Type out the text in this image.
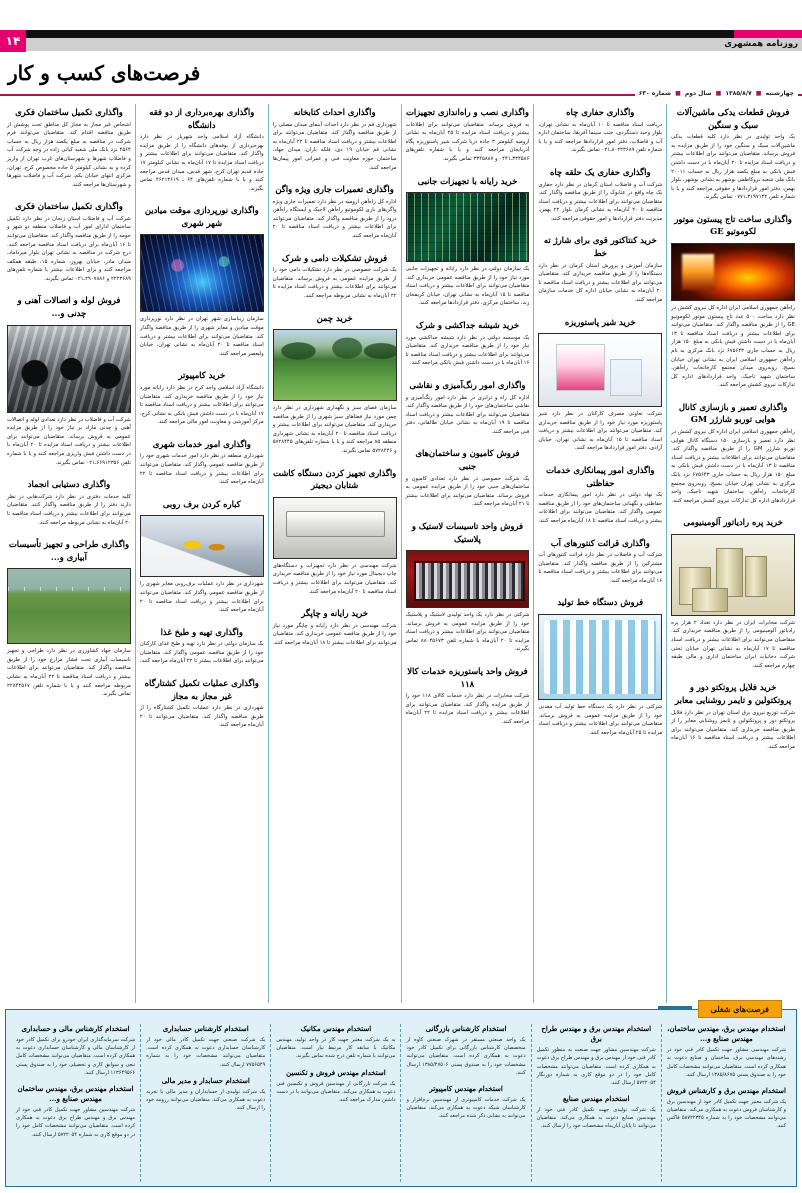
۱۴	روزنامه همشهری
فرصت‌های کسب و کار
چهارشنبه ■ ۱۳۸۵/۸/۷ ■ سال دوم ■ شماره ۶۳۰
فروش قطعات یدکی ماشین‌آلات سبک و سنگین
یک واحد تولیدی در نظر دارد کلیه قطعات یدکی ماشین‌آلات سبک و سنگین خود را از طریق مزایده به فروش برساند. متقاضیان می‌توانند برای اطلاعات بیشتر و دریافت اسناد مزایده تا ۲۰ آبان‌ماه با در دست داشتن فیش بانکی به مبلغ یکصد هزار ریال به حساب ۲۰۰۱۱ بانک ملی شعبه بروکاظمی بوشهر به نشانی بوشهر، بلوار بهمن، دفتر امور قراردادها و حقوقی مراجعه کنند و یا با شماره تلفن ۳۱۹۷۱۳۲ـ۰۷۷۱ تماس بگیرند.
واگذاری ساخت تاج پیستون موتور لکوموتیو GE
راه‌آهن جمهوری اسلامی ایران اداره کل نیروی کشش در نظر دارد ساخت ۵۰۰ عدد تاج پیستون موتور لکوموتیو GE را از طریق مناقصه واگذار کند. متقاضیان می‌توانند برای اطلاعات بیشتر و دریافت اسناد مناقصه تا ۱۳ آبان‌ماه با در دست داشتن فیش بانکی به مبلغ ۱۵۰ هزار ریال به حساب جاری ۶۷۵۶۴۳ نزد بانک مرکزی به نام راه‌آهن جمهوری اسلامی ایران به نشانی تهران خیابان بسیج، روبه‌روی میدان مجتمع کارخانجات راه‌آهن، ساختمان شهید تاجیک، واحد قراردادهای اداره کل تدارکات نیروی کشش مراجعه کنند.
واگذاری تعمیر و بازسازی کانال هوایی توربو شارژر GM
راه‌آهن جمهوری اسلامی ایران اداره کل نیروی کشش در نظر دارد تعمیر و بازسازی ۱۵۰ دستگاه کانال هوایی توربو شارژر GM را از طریق مناقصه واگذار کند. متقاضیان می‌توانند برای اطلاعات بیشتر و دریافت اسناد مناقصه تا ۱۳ آبان‌ماه با در دست داشتن فیش بانکی به مبلغ ۱۵۰ هزار ریال به حساب جاری ۶۷۵۶۴۳ نزد بانک مرکزی به نشانی تهران خیابان بسیج، روبه‌روی مجتمع کارخانجات راه‌آهن، ساختمان شهید تاجیک، واحد قراردادهای اداره کل تدارکات نیروی کشش مراجعه کنند.
خرید پره رادیاتور آلومینیومی
شرکت مخابرات ایران در نظر دارد تعداد ۲ هزار پره رادیاتور آلومینیومی را از طریق مناقصه خریداری کند. متقاضیان می‌توانند برای اطلاعات بیشتر و دریافت اسناد مناقصه تا ۱۷ آبان‌ماه به نشانی تهران خیابان تختی شرکت دخانیات ایران ساختمان اداری و مالی طبقه چهارم مراجعه کنند.
خرید فلایل پروتکتو دور و پروتکتولین و تایمر روشنایی معابر
شرکت توزیع نیروی برق استان تهران در نظر دارد فلایل پروتکتو دور و پروتکتولین و تایمر روشنایی معابر را از طریق مناقصه خریداری کند. متقاضیان می‌توانند برای اطلاعات بیشتر و دریافت اسناد مناقصه تا ۱۶ آبان‌ماه مراجعه کنند.
واگذاری حفاری چاه
دریافت اسناد مناقصه تا ۱۰ آبان‌ماه به نشانی تهران، بلوار وحید دستگردی، جنب سینما آفریقا، ساختمان اداره آب و فاضلاب، دفتر امور قراردادها مراجعه کنند و یا با شماره تلفن ۸۰۲۲۳۶۸۹ـ۰۲۱ تماس بگیرند.
واگذاری حفاری یک حلقه چاه
شرکت آب و فاضلاب استان کرمان در نظر دارد حفاری یک چاه واقع در عنابوک را از طریق مناقصه واگذار کند. متقاضیان می‌توانند برای اطلاعات بیشتر و دریافت اسناد مناقصه تا ۲۰ آبان‌ماه به نشانی کرمان بلوار ۲۲ بهمن، مدیریت دفتر قراردادها و امور حقوقی مراجعه کنند.
خرید کنتاکتور قوی برای شارژ ته خط
سازمان آموزش و پرورش استان کرمان در نظر دارد دستگاه‌ها را از طریق مناقصه خریداری کند. متقاضیان می‌توانند برای اطلاعات بیشتر و دریافت اسناد مناقصه تا ۲۰ آبان‌ماه به نشانی خیابان اداره کل خدمات سازمان مراجعه کنند.
خرید شیر پاستوریزه
شرکت تعاونی مصرف کارکنان در نظر دارد شیر پاستوریزه مورد نیاز خود را از طریق مناقصه خریداری کند. متقاضیان می‌توانند برای اطلاعات بیشتر و دریافت اسناد مناقصه تا ۱۵ آبان‌ماه به نشانی تهران، خیابان آزادی، دفتر امور قراردادها مراجعه کنند.
واگذاری امور پیمانکاری خدمات حفاظتی
یک نهاد دولتی در نظر دارد امور پیمانکاری خدمات حفاظتی و نگهبانی ساختمان‌های خود را از طریق مناقصه عمومی واگذار کند. متقاضیان می‌توانند برای اطلاعات بیشتر و دریافت اسناد مناقصه تا ۱۸ آبان‌ماه مراجعه کنند.
واگذاری قرائت کنتورهای آب
شرکت آب و فاضلاب در نظر دارد قرائت کنتورهای آب مشترکین را از طریق مناقصه واگذار کند. متقاضیان می‌توانند برای اطلاعات بیشتر و دریافت اسناد مناقصه تا ۱۶ آبان‌ماه مراجعه کنند.
فروش دستگاه خط تولید
شرکتی در نظر دارد یک دستگاه خط تولید آب معدنی خود را از طریق مزایده عمومی به فروش برساند. متقاضیان می‌توانند برای اطلاعات بیشتر و دریافت اسناد مزایده تا ۲۵ آبان‌ماه مراجعه کنند.
واگذاری نصب و راه‌اندازی تجهیزات
به فروش برساند. متقاضیان می‌توانند برای اطلاعات بیشتر و دریافت اسناد مزایده تا ۲۵ آبان‌ماه به نشانی ارومیه کیلومتر ۳ جاده دریا شرکت شیر پاستوریزه پگاه آذربایجان مراجعه کنند و یا با شماره تلفن‌های ۳۳۴۵۸۶ـ۰۴۴۱ و ۳۳۴۵۸۸۷ تماس بگیرند.
خرید رایانه با تجهیزات جانبی
یک سازمان دولتی در نظر دارد رایانه و تجهیزات جانبی مورد نیاز خود را از طریق مناقصه عمومی خریداری کند. متقاضیان می‌توانند برای اطلاعات بیشتر و دریافت اسناد مناقصه تا ۱۵ آبان‌ماه به نشانی تهران، خیابان کریمخان زند، ساختمان مرکزی، دفتر قراردادها مراجعه کنند.
خرید شیشه جداکشی و شرک
یک موسسه دولتی در نظر دارد شیشه جداکشی مورد نیاز خود را از طریق مناقصه خریداری کند. متقاضیان می‌توانند برای اطلاعات بیشتر و دریافت اسناد مناقصه تا ۱۶ آبان‌ماه با در دست داشتن فیش بانکی مراجعه کنند.
واگذاری امور رنگ‌آمیزی و نقاشی
اداره کل راه و ترابری در نظر دارد امور رنگ‌آمیزی و نقاشی ساختمان‌های خود را از طریق مناقصه واگذار کند. متقاضیان می‌توانند برای اطلاعات بیشتر و دریافت اسناد مناقصه تا ۱۹ آبان‌ماه به نشانی خیابان طالقانی، دفتر فنی مراجعه کنند.
فروش کامیون و ساختمان‌های جنبی
یک شرکت خصوصی در نظر دارد تعدادی کامیون و ساختمان‌های جنبی خود را از طریق مزایده عمومی به فروش برساند. متقاضیان می‌توانند برای اطلاعات بیشتر تا ۲۱ آبان‌ماه مراجعه کنند.
فروش واحد تاسیسات لاستیک و پلاستیک
شرکتی در نظر دارد یک واحد تولیدی لاستیک و پلاستیک خود را از طریق مزایده عمومی به فروش برساند. متقاضیان می‌توانند برای اطلاعات بیشتر و دریافت اسناد مزایده تا ۲۰ آبان‌ماه با شماره تلفن ۸۸۰۴۵۶۷۳ تماس بگیرند.
فروش واحد پاستوریزه خدمات کالا ۱۱۸
شرکت مخابرات در نظر دارد خدمات کالای ۱۱۸ خود را از طریق مزایده واگذار کند. متقاضیان می‌توانند برای اطلاعات بیشتر و دریافت اسناد مزایده تا ۲۲ آبان‌ماه مراجعه کنند.
واگذاری احداث کتابخانه
شهرداری قم در نظر دارد احداث آبنمای میدان مصلی را از طریق مناقصه واگذار کند. متقاضیان می‌توانند برای اطلاعات بیشتر و دریافت اسناد مناقصه تا ۲۲ آبان‌ماه به نشانی قم خیابان ۱۹ دی، فلکه باران، میدان جهاد، ساختمان حوزه معاونت فنی و عمرانی امور پیمان‌ها مراجعه کنند.
واگذاری تعمیرات جاری ویژه واگن
اداره کل راه‌آهن ارومیه در نظر دارد تعمیرات جاری ویژه واگن‌های باری لکوموتیو راه‌آهن لاجیک و ایستگاه راه‌آهن درود را از طریق مناقصه واگذار کند. متقاضیان می‌توانند برای اطلاعات بیشتر و دریافت اسناد مناقصه تا ۲۰ آبان‌ماه مراجعه کنند.
فروش تشکیلات دامی و شرک
یک شرکت خصوصی در نظر دارد تشکیلات دامی خود را از طریق مزایده عمومی به فروش برساند. متقاضیان می‌توانند برای اطلاعات بیشتر و دریافت اسناد مزایده تا ۲۲ آبان‌ماه به نشانی مربوطه مراجعه کنند.
خرید چمن
سازمان فضای سبز و نگهداری شهرداری در نظر دارد چمن مورد نیاز فضاهای سبز شهری را از طریق مناقصه خریداری کند. متقاضیان می‌توانند برای اطلاعات بیشتر و دریافت اسناد مناقصه تا ۲۰ آبان‌ماه به نشانی شهرداری منطقه ۸۵ مراجعه کنند و یا با شماره تلفن‌های ۵۷۲۸۴۴۵ و ۵۷۲۸۴۴۶ تماس بگیرند.
واگذاری تجهیز کردن دستگاه کاشت شتابان دیجیتر
شرکت مهندسی در نظر دارد تجهیزات و دستگاه‌های چاپ دیجیتال مورد نیاز خود را از طریق مناقصه خریداری کند. متقاضیان می‌توانند برای اطلاعات بیشتر و دریافت اسناد مناقصه تا ۲۰ آبان‌ماه مراجعه کنند.
خرید رایانه و چاپگر
شرکت مهندسی در نظر دارد رایانه و چاپگر مورد نیاز خود را از طریق مناقصه عمومی خریداری کند. متقاضیان می‌توانند برای اطلاعات بیشتر تا ۱۸ آبان‌ماه مراجعه کنند.
واگذاری بهره‌برداری از دو فقه دانشگاه
دانشگاه آزاد اسلامی واحد شهریار در نظر دارد بهره‌برداری از بوفه‌های دانشگاه را از طریق مزایده واگذار کند. متقاضیان می‌توانند برای اطلاعات بیشتر و دریافت اسناد مزایده تا ۱۷ آبان‌ماه به نشانی کیلومتر ۱۷ جاده قدیم تهران کرج، شهر قدس، میدان قدس مراجعه کنند و یا با شماره تلفن‌های ۶۴ ـ ۴۶۲۱۳۶۱۹ تماس بگیرند.
واگذاری نورپردازی موقت میادین شهر شهری
سازمان زیباسازی شهر تهران در نظر دارد نورپردازی موقت میادین و معابر شهری را از طریق مناقصه واگذار کند. متقاضیان می‌توانند برای اطلاعات بیشتر و دریافت اسناد مناقصه تا ۲۰ آبان‌ماه به نشانی تهران، خیابان ولیعصر مراجعه کنند.
خرید کامپیوتر
دانشگاه آزاد اسلامی واحد کرج در نظر دارد رایانه مورد نیاز خود را از طریق مناقصه خریداری کند. متقاضیان می‌توانند برای اطلاعات بیشتر و دریافت اسناد مناقصه تا ۱۷ آبان‌ماه با در دست داشتن فیش بانکی به نشانی کرج، مرکز آموزشی و معاونت امور مالی مراجعه کنند.
واگذاری امور خدمات شهری
شهرداری منطقه در نظر دارد امور خدمات شهری خود را از طریق مناقصه عمومی واگذار کند. متقاضیان می‌توانند برای اطلاعات بیشتر و دریافت اسناد مناقصه تا ۲۲ آبان‌ماه مراجعه کنند.
کباره کردن برف روبی
شهرداری در نظر دارد عملیات برف‌روبی معابر شهری را از طریق مناقصه عمومی واگذار کند. متقاضیان می‌توانند برای اطلاعات بیشتر و دریافت اسناد مناقصه تا ۲۰ آبان‌ماه مراجعه کنند.
واگذاری تهیه و طبخ غذا
یک سازمان دولتی در نظر دارد تهیه و طبخ غذای کارکنان خود را از طریق مناقصه عمومی واگذار کند. متقاضیان می‌توانند برای اطلاعات بیشتر تا ۲۲ آبان‌ماه مراجعه کنند.
واگذاری عملیات تکمیل کشتارگاه غیر مجاز به مجاز
شهرداری در نظر دارد عملیات تکمیل کشتارگاه را از طریق مناقصه واگذار کند. متقاضیان می‌توانند تا ۲۰ آبان‌ماه مراجعه کنند.
واگذاری تکمیل ساختمان فکری
اشخاص غیر مجاز به مجاز کل مناطق تحت پوشش از طریق مناقصه اقدام کند. متقاضیان می‌توانند فرم شرکت در مناقصه به مبلغ یکصد هزار ریال به حساب ۴۵۶۴ نزد بانک ملی شعبه کیانی زاده در وجه شرکت آب و فاضلاب شهرها و شهرستان‌های غرب تهران از واریز کرده و به نشانی کیلومتر ۵ جاده مخصوص کرج، تهران، مرکزی انتهای خیابان یکم، شرکت آب و فاضلاب شهرها و شهرستان‌ها مراجعه کنند.
واگذاری تکمیل ساختمان فکری
شرکت آب و فاضلاب استان زنجان در نظر دارد تکمیل ساختمان ادارای امور آب و فاضلاب منطقه دو شهر و حومه را از طریق مناقصه واگذار کند. متقاضیان می‌توانند تا ۱۶ آبان‌ماه برای دریافت اسناد مناقصه مراجعه کنند. درج شرکت در مناقصه به نشانی تهران بلوار میرداماد، میدان مادر، خیابان بهروز، شماره ۱۵، طبقه همکف مراجعه کنند و برای اطلاعات بیشتر با شماره تلفن‌های ۲۲۲۳۶۸۹ و ۲۹۰۷۸۸۶ـ۰۲۱ تماس بگیرند.
فروش لوله و اتصالات آهنی و چدنی و...
شرکت آب و فاضلاب در نظر دارد تعدادی لوله و اتصالات آهنی و چدنی مازاد بر نیاز خود را از طریق مزایده عمومی به فروش برساند. متقاضیان می‌توانند برای اطلاعات بیشتر و دریافت اسناد مزایده تا ۲۰ آبان‌ماه با در دست داشتن فیش واریزی مراجعه کنند و یا با شماره تلفن ۶۶۹۱۲۳۵۶ـ۰۲۱ تماس بگیرند.
واگذاری دستیابی انجماد
کلیه خدمات دفتری در نظر دارد شرکت‌هایی در نظر دارند دفتر را از طریق مناقصه واگذار کنند. متقاضیان می‌توانند برای اطلاعات بیشتر و دریافت اسناد مناقصه تا ۲۰ آبان‌ماه به نشانی مربوطه مراجعه کنند.
واگذاری طراحی و تجهیز تأسیسات آبیاری و...
سازمان جهاد کشاورزی در نظر دارد طراحی و تجهیز تاسیسات آبیاری تحت فشار مزارع خود را از طریق مناقصه واگذار کند. متقاضیان می‌توانند برای اطلاعات بیشتر و دریافت اسناد مناقصه تا ۲۲ آبان‌ماه به نشانی مربوطه مراجعه کنند و یا با شماره تلفن ۲۲۸۴۴۵۶۷ تماس بگیرند.
فرصت‌های شغلی
استخدام مهندس برق، مهندس ساختمان، مهندس صنایع و...
شرکت مهندسی مشاور جهت تکمیل کادر فنی خود در رشته‌های مهندسی برق، ساختمان و صنایع دعوت به همکاری کرده است. متقاضیان می‌توانند مشخصات کامل خود را به صندوق پستی ۱۳۸۵/۸۶۷۵ ارسال کنند.
استخدام مهندس برق و کارشناس فروش
یک شرکت معتبر جهت تکمیل کادر خود از مهندسین برق و کارشناسان فروش دعوت به همکاری می‌کند. متقاضیان می‌توانند مشخصات خود را به شماره ۵۸۷۲۲۳۴۵ فاکس کنند.
استخدام مهندس برق و مهندس طراح برق
شرکت مهندسین مشاور جهت صنعت به منظور تکمیل کادر فنی خود از مهندس برق و مهندس طراح برق دعوت به همکاری کرده است. متقاضیان می‌توانند مشخصات کامل خود را در دو موقع کاری به شماره دورنگار ۵۷۲۲۰۵۴ ارسال کنند.
استخدام مهندس صنایع
یک شرکت تولیدی جهت تکمیل کادر فنی خود از مهندسین صنایع دعوت به همکاری می‌کند. متقاضیان می‌توانند تا پایان آبان‌ماه مشخصات خود را ارسال کنند.
استخدام کارشناس بازرگانی
یک واحد صنعتی مستقر در شهرک صنعتی کاوه از متخصصان کارشناس بازرگانی برای تکمیل کادر خود دعوت به همکاری کرده است. متقاضیان می‌توانند مشخصات خود را به صندوق پستی ۱۳۸۵/۴۷۵۰۶ ارسال کنند.
استخدام مهندس کامپیوتر
یک شرکت خدمات کامپیوتری از مهندسین نرم‌افزار و کارشناسان شبکه دعوت به همکاری می‌کند. متقاضیان می‌توانند به نشانی ذکر شده مراجعه کنند.
استخدام مهندس مکانیک
به یک شرکت معتبر جهت کار در واحد تولید، مهندس مکانیک با سابقه کار مرتبط نیاز است. متقاضیان می‌توانند با شماره تلفن درج شده تماس بگیرند.
استخدام مهندس فروش و تکنسین
یک شرکت بازرگانی از مهندسین فروش و تکنسین فنی دعوت به همکاری می‌کند. متقاضیان می‌توانند با در دست داشتن مدارک مراجعه کنند.
استخدام کارشناس حسابداری
یک شرکت صنعتی جهت تکمیل کادر مالی خود از کارشناسان حسابداری دعوت به همکاری کرده است. متقاضیان می‌توانند مشخصات خود را به شماره ۷۷۵۶۵۴۹ ارسال کنند.
استخدام حسابدار و مدیر مالی
یک شرکت تولیدی از حسابداران و مدیر مالی با تجربه دعوت به همکاری می‌کند. متقاضیان می‌توانند رزومه خود را ارسال کنند.
استخدام کارشناس مالی و حسابداری
شرکت سرمایه‌گذاری ایران خودرو برای تکمیل کادر خود از کارشناسان مالی و کارشناسان حسابداری دعوت به همکاری کرده است. متقاضیان می‌توانند مشخصات کامل تبعی و سوابق کاری و تحصیلی خود را به صندوق پستی ۱۱۳۶۴۹۵۶۶ ارسال کنند.
استخدام مهندس برق، مهندس ساختمان مهندس صنایع و...
شرکت مهندسین مشاور جهت تکمیل کادر فنی خود از مهندس برق و مهندس طراح برق دعوت به همکاری کرده است. متقاضیان می‌توانند مشخصات کامل خود را در دو موقع کاری به شماره ۵۷۲۲۰۵۴ ارسال کنند.
